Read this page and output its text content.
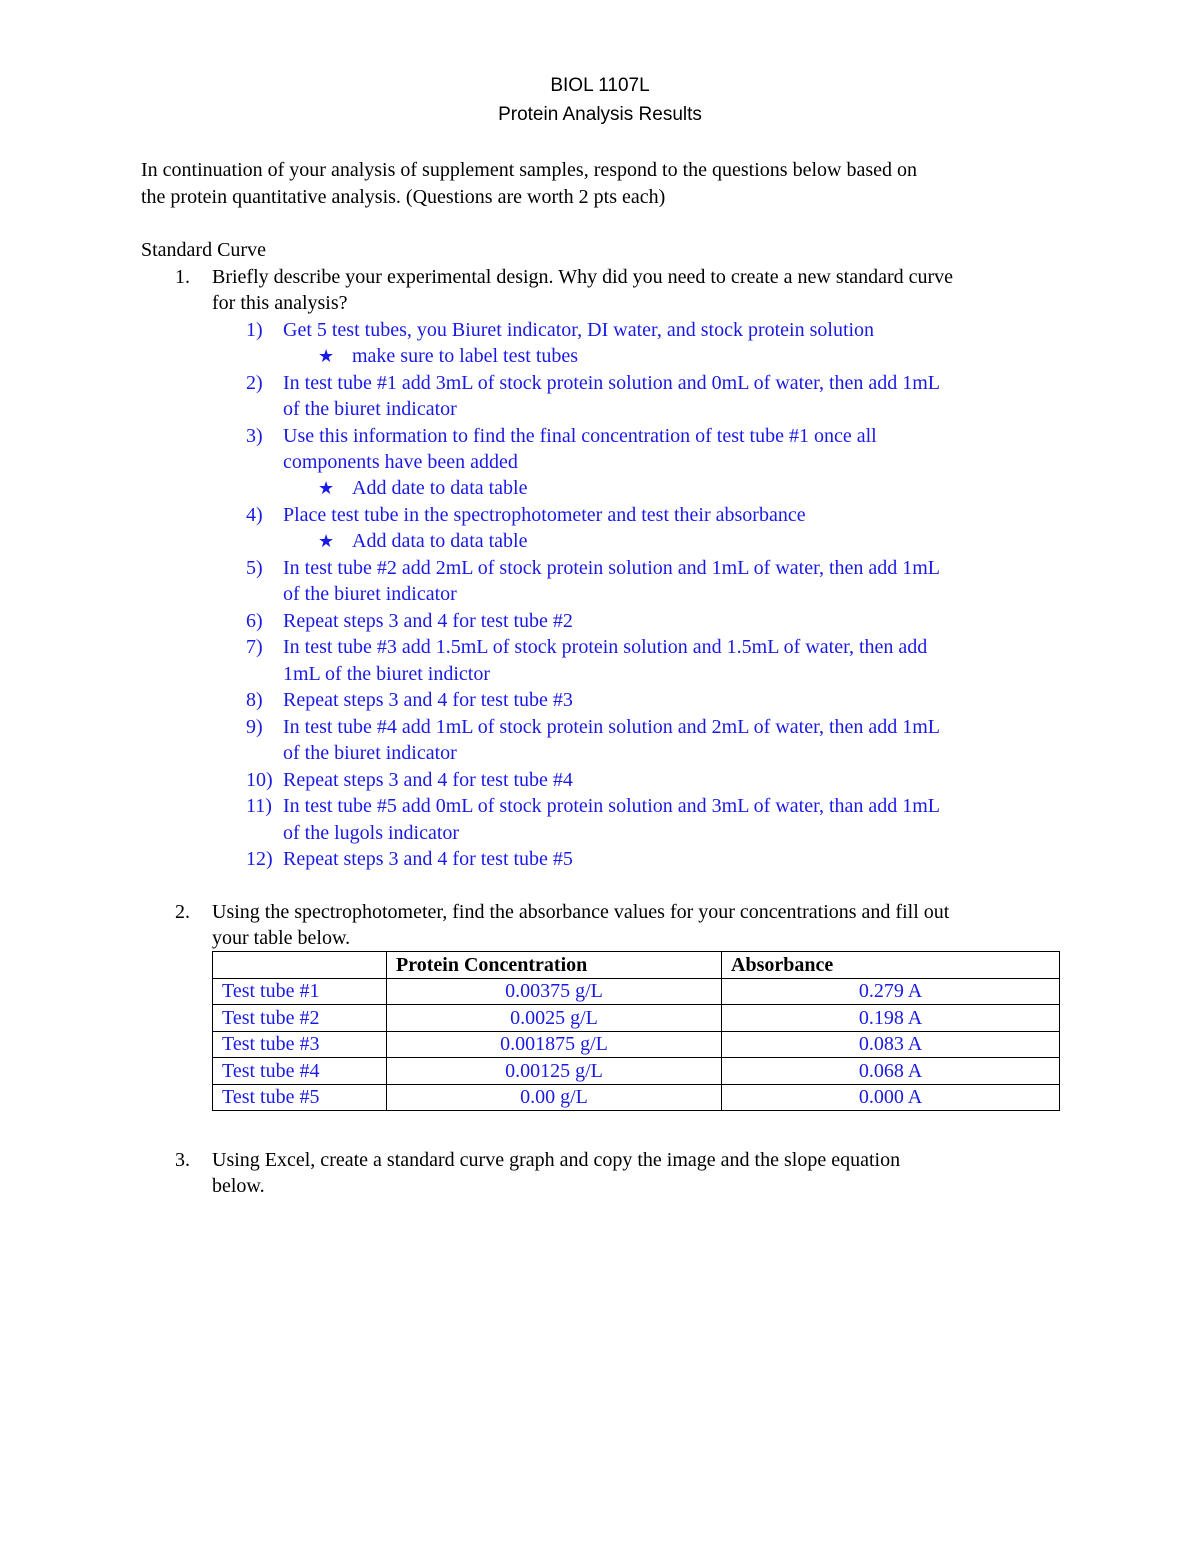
BIOL 1107L
Protein Analysis Results
In continuation of your analysis of supplement samples, respond to the questions below based on
the protein quantitative analysis. (Questions are worth 2 pts each)
Standard Curve
1. Briefly describe your experimental design. Why did you need to create a new standard curve
for this analysis?
1) Get 5 test tubes, you Biuret indicator, DI water, and stock protein solution
★ make sure to label test tubes
2) In test tube #1 add 3mL of stock protein solution and 0mL of water, then add 1mL
of the biuret indicator
3) Use this information to find the final concentration of test tube #1 once all
components have been added
★ Add date to data table
4) Place test tube in the spectrophotometer and test their absorbance
★ Add data to data table
5) In test tube #2 add 2mL of stock protein solution and 1mL of water, then add 1mL
of the biuret indicator
6) Repeat steps 3 and 4 for test tube #2
7) In test tube #3 add 1.5mL of stock protein solution and 1.5mL of water, then add
1mL of the biuret indictor
8) Repeat steps 3 and 4 for test tube #3
9) In test tube #4 add 1mL of stock protein solution and 2mL of water, then add 1mL
of the biuret indicator
10) Repeat steps 3 and 4 for test tube #4
11) In test tube #5 add 0mL of stock protein solution and 3mL of water, than add 1mL
of the lugols indicator
12) Repeat steps 3 and 4 for test tube #5
2. Using the spectrophotometer, find the absorbance values for your concentrations and fill out
your table below.
	Protein Concentration	Absorbance
Test tube #1	0.00375 g/L	0.279 A
Test tube #2	0.0025 g/L	0.198 A
Test tube #3	0.001875 g/L	0.083 A
Test tube #4	0.00125 g/L	0.068 A
Test tube #5	0.00 g/L	0.000 A
3. Using Excel, create a standard curve graph and copy the image and the slope equation
below.
